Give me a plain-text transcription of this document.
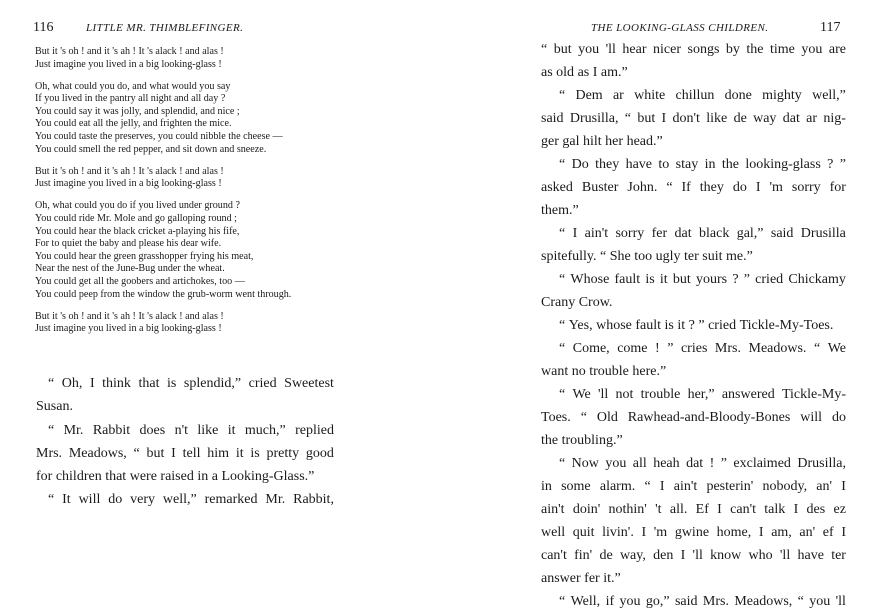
116	LITTLE MR. THIMBLEFINGER.
But it 's oh ! and it 's ah ! It 's alack ! and alas !
Just imagine you lived in a big looking-glass !
Oh, what could you do, and what would you say
If you lived in the pantry all night and all day ?
You could say it was jolly, and splendid, and nice ;
You could eat all the jelly, and frighten the mice.
You could taste the preserves, you could nibble the cheese —
You could smell the red pepper, and sit down and sneeze.
But it 's oh ! and it 's ah ! It 's alack ! and alas !
Just imagine you lived in a big looking-glass !
Oh, what could you do if you lived under ground ?
You could ride Mr. Mole and go galloping round ;
You could hear the black cricket a-playing his fife,
For to quiet the baby and please his dear wife.
You could hear the green grasshopper frying his meat,
Near the nest of the June-Bug under the wheat.
You could get all the goobers and artichokes, too —
You could peep from the window the grub-worm went through.
But it 's oh ! and it 's ah ! It 's alack ! and alas !
Just imagine you lived in a big looking-glass !
“ Oh, I think that is splendid,” cried Sweetest
Susan.
“ Mr. Rabbit does n't like it much,” replied
Mrs. Meadows, “ but I tell him it is pretty good
for children that were raised in a Looking-Glass.”
“ It will do very well,” remarked Mr. Rabbit,
THE LOOKING-GLASS CHILDREN.	117
“ but you 'll hear nicer songs by the time you are
as old as I am.”
“ Dem ar white chillun done mighty well,”
said Drusilla, “ but I don't like de way dat ar nig-
ger gal hilt her head.”
“ Do they have to stay in the looking-glass ? ”
asked Buster John. “ If they do I 'm sorry for
them.”
“ I ain't sorry fer dat black gal,” said Drusilla
spitefully. “ She too ugly ter suit me.”
“ Whose fault is it but yours ? ” cried Chickamy
Crany Crow.
“ Yes, whose fault is it ? ” cried Tickle-My-Toes.
“ Come, come ! ” cries Mrs. Meadows. “ We
want no trouble here.”
“ We 'll not trouble her,” answered Tickle-My-
Toes. “ Old Rawhead-and-Bloody-Bones will do
the troubling.”
“ Now you all heah dat ! ” exclaimed Drusilla,
in some alarm. “ I ain't pesterin' nobody, an' I
ain't doin' nothin' 't all. Ef I can't talk I des ez
well quit livin'. I 'm gwine home, I am, an' ef I
can't fin' de way, den I 'll know who 'll have ter
answer fer it.”
“ Well, if you go,” said Mrs. Meadows, “ you 'll
